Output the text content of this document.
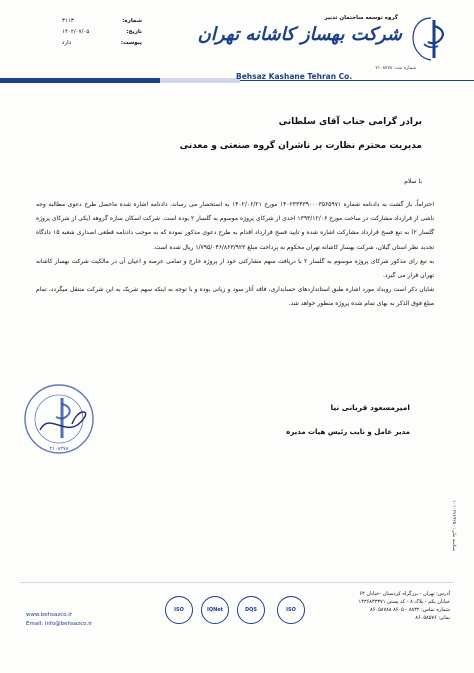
شماره:
۳۱۱۳
تاریخ:
۱۴۰۲/۰۷/۰۵
پیوست:
دارد
گروه توسعه ساختمان تدبیر
شرکت بهساز کاشانه تهران
شماره ثبت: ۲۱۰۸۲۷۸
Behsaz Kashane Tehran Co.
برادر گرامی جناب آقای سلطانی
مدیریت محترم نظارت بر ناشران گروه صنعتی و معدنی
با سلام

احتراماً، باز گشت به دادنامه شماره ۱۴۰۲۳۳۴۳۹۰۰۰۳۵۶۵۹۷۱ مورخ ۱۴۰۲/۰۶/۲۱ به استحضار می رساند، دادنامه اشاره شده ماحصل طرح دعوی مطالبه وجه ناشی از قرارداد مشارکت در ساخت مورخ ۱۳۹۳/۱۲/۰۶ احدی از شرکای پروژه موسوم به گلسار ۲ بوده است. شرکت اسکان سازه گروهه (یکی از شرکای پروژه گلسار ۲) به تبع فسخ قرارداد مشارکت اشاره شده و تایید فسخ قرارداد اقدام به طرح دعوی مذکور نموده که به موجب دادنامه قطعی اصداری شعبه ۱۵ دادگاه تجدید نظر استان گیلان، شرکت بهساز کاشانه تهران محکوم به پرداخت مبلغ ۱/۷۹۵/۰۴۶/۸۶۳/۹۲۳ ریال شده است.

به تبع رای مذکور شرکای پروژه موسوم به گلسار ۲ با دریافت سهم مشارکتی خود از پروژه خارج و تمامی عرصه و اعیان آن در مالکیت شرکت بهساز کاشانه تهران قرار می گیرد.

شایان ذکر است رویداد مورد اشاره طبق استانداردهای حسابداری، فاقد آثار سود و زیانی بوده و با توجه به اینکه سهم شریک به این شرکت منتقل میگردد، تمام مبلغ فوق الذکر به بهای تمام شده پروژه منظور خواهد شد.

امیرمسعود قربانی نیا
مدیر عامل و نایب رئیس هیات مدیره
۲۱۰۸۲۷۸
شناسه ملی: ۱۰۱۰۲۷۸۹۲۵۰
www.behsazco.ir
Email: info@behsazco.ir
ISO	IQNet	DQS	ISO
آدرس: تهران - بزرگراه کردستان -خیابان ۶۴
خیابان یکم - پلاک ۸ - کد پستی ۱۴۳۶۸۴۳۳۷۱
شماره تماس: ۸۸۳۲ - ۸۶۰۵ ۸۶۰۵۸۷۸۸
نمابر: ۸۶۰۵۸۵۷۶
